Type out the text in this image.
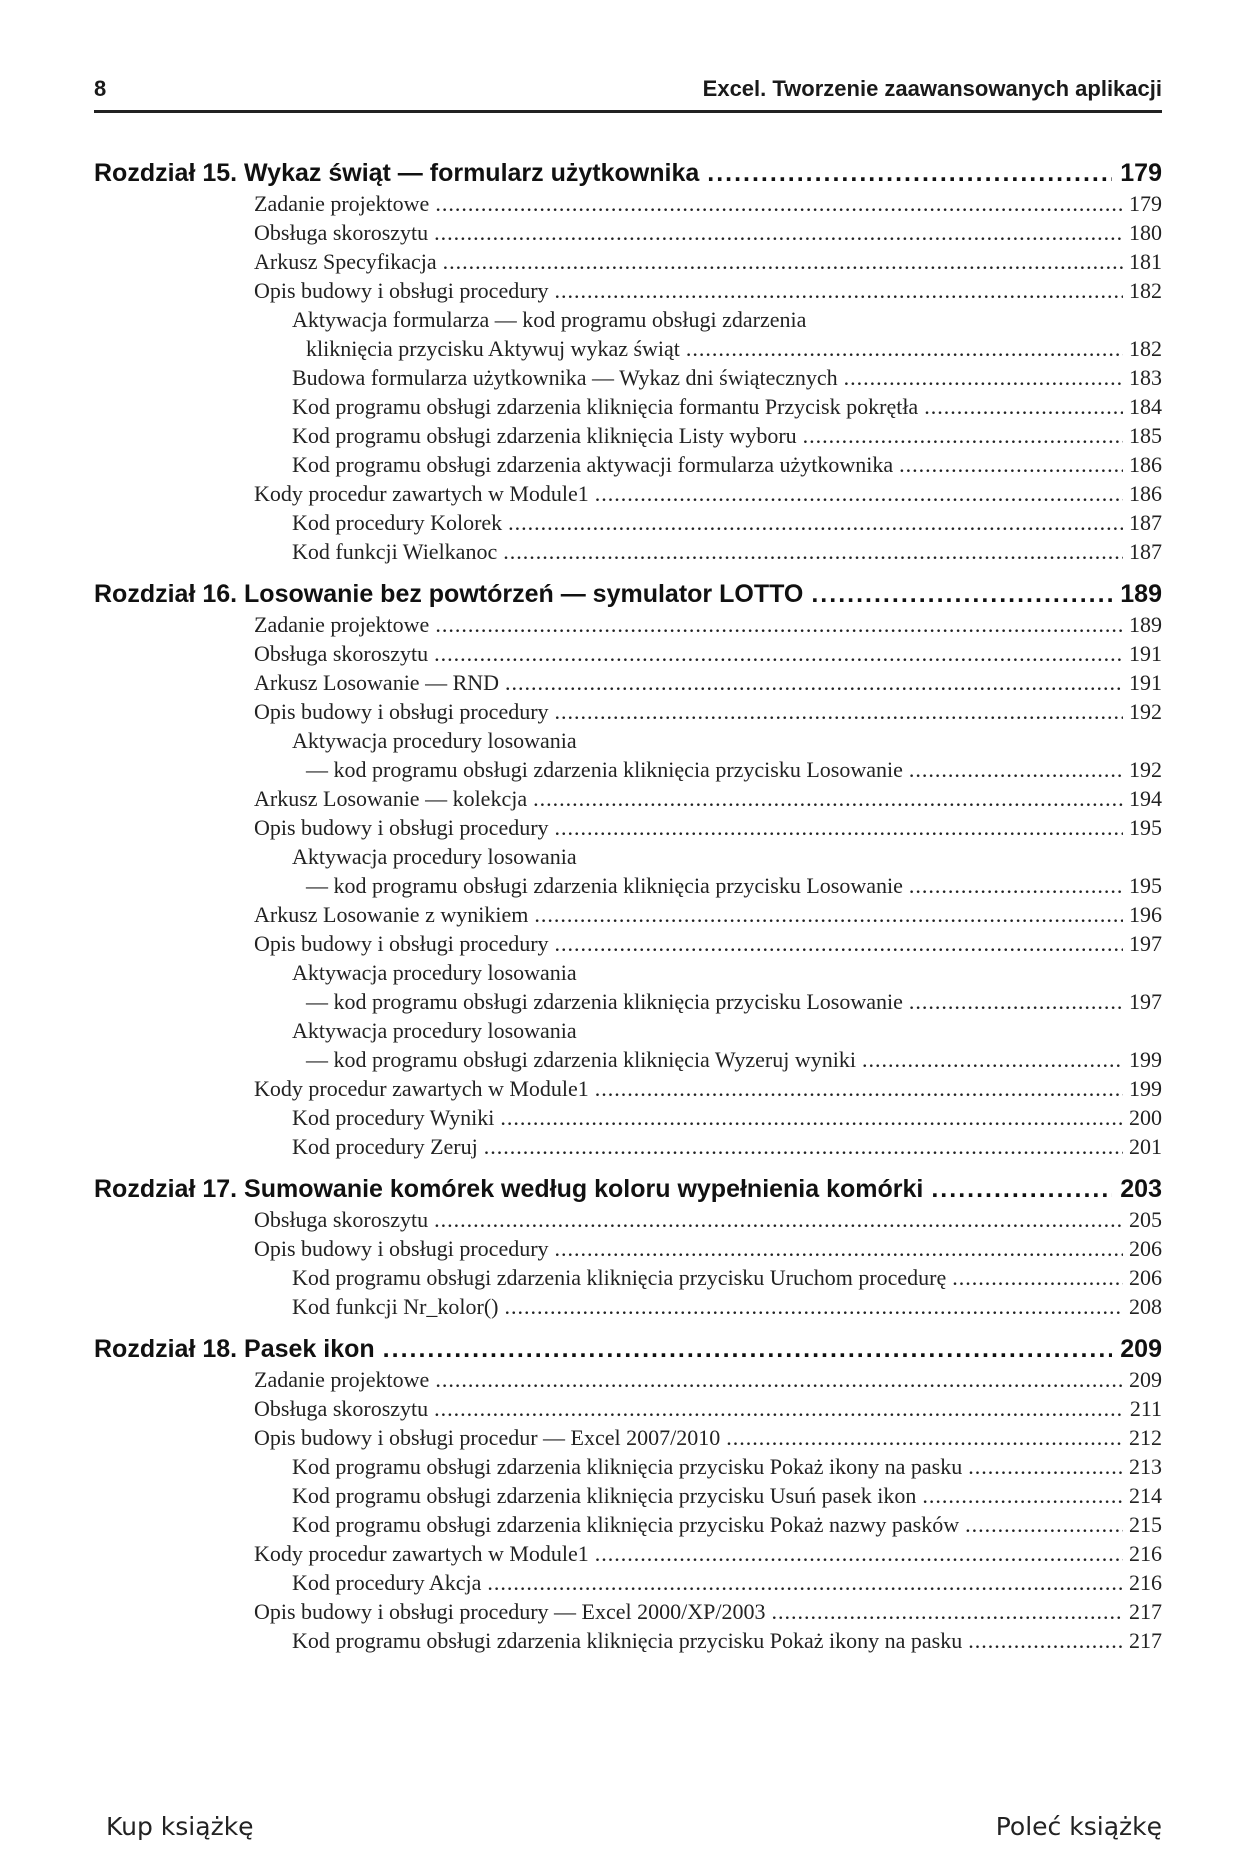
8	Excel. Tworzenie zaawansowanych aplikacji
Rozdział 15. Wykaz świąt — formularz użytkownika .....	179
Zadanie projektowe .....	179
Obsługa skoroszytu .....	180
Arkusz Specyfikacja .....	181
Opis budowy i obsługi procedury .....	182
Aktywacja formularza — kod programu obsługi zdarzenia
kliknięcia przycisku Aktywuj wykaz świąt .....	182
Budowa formularza użytkownika — Wykaz dni świątecznych .....	183
Kod programu obsługi zdarzenia kliknięcia formantu Przycisk pokrętła .....	184
Kod programu obsługi zdarzenia kliknięcia Listy wyboru .....	185
Kod programu obsługi zdarzenia aktywacji formularza użytkownika .....	186
Kody procedur zawartych w Module1 .....	186
Kod procedury Kolorek .....	187
Kod funkcji Wielkanoc .....	187
Rozdział 16. Losowanie bez powtórzeń — symulator LOTTO .....	189
Zadanie projektowe .....	189
Obsługa skoroszytu .....	191
Arkusz Losowanie — RND .....	191
Opis budowy i obsługi procedury .....	192
Aktywacja procedury losowania
— kod programu obsługi zdarzenia kliknięcia przycisku Losowanie .....	192
Arkusz Losowanie — kolekcja .....	194
Opis budowy i obsługi procedury .....	195
Aktywacja procedury losowania
— kod programu obsługi zdarzenia kliknięcia przycisku Losowanie .....	195
Arkusz Losowanie z wynikiem .....	196
Opis budowy i obsługi procedury .....	197
Aktywacja procedury losowania
— kod programu obsługi zdarzenia kliknięcia przycisku Losowanie .....	197
Aktywacja procedury losowania
— kod programu obsługi zdarzenia kliknięcia Wyzeruj wyniki .....	199
Kody procedur zawartych w Module1 .....	199
Kod procedury Wyniki .....	200
Kod procedury Zeruj .....	201
Rozdział 17. Sumowanie komórek według koloru wypełnienia komórki .....	203
Obsługa skoroszytu .....	205
Opis budowy i obsługi procedury .....	206
Kod programu obsługi zdarzenia kliknięcia przycisku Uruchom procedurę .....	206
Kod funkcji Nr_kolor() .....	208
Rozdział 18. Pasek ikon .....	209
Zadanie projektowe .....	209
Obsługa skoroszytu .....	211
Opis budowy i obsługi procedur — Excel 2007/2010 .....	212
Kod programu obsługi zdarzenia kliknięcia przycisku Pokaż ikony na pasku .....	213
Kod programu obsługi zdarzenia kliknięcia przycisku Usuń pasek ikon .....	214
Kod programu obsługi zdarzenia kliknięcia przycisku Pokaż nazwy pasków .....	215
Kody procedur zawartych w Module1 .....	216
Kod procedury Akcja .....	216
Opis budowy i obsługi procedury — Excel 2000/XP/2003 .....	217
Kod programu obsługi zdarzenia kliknięcia przycisku Pokaż ikony na pasku .....	217
Kup książkę	Poleć książkę
